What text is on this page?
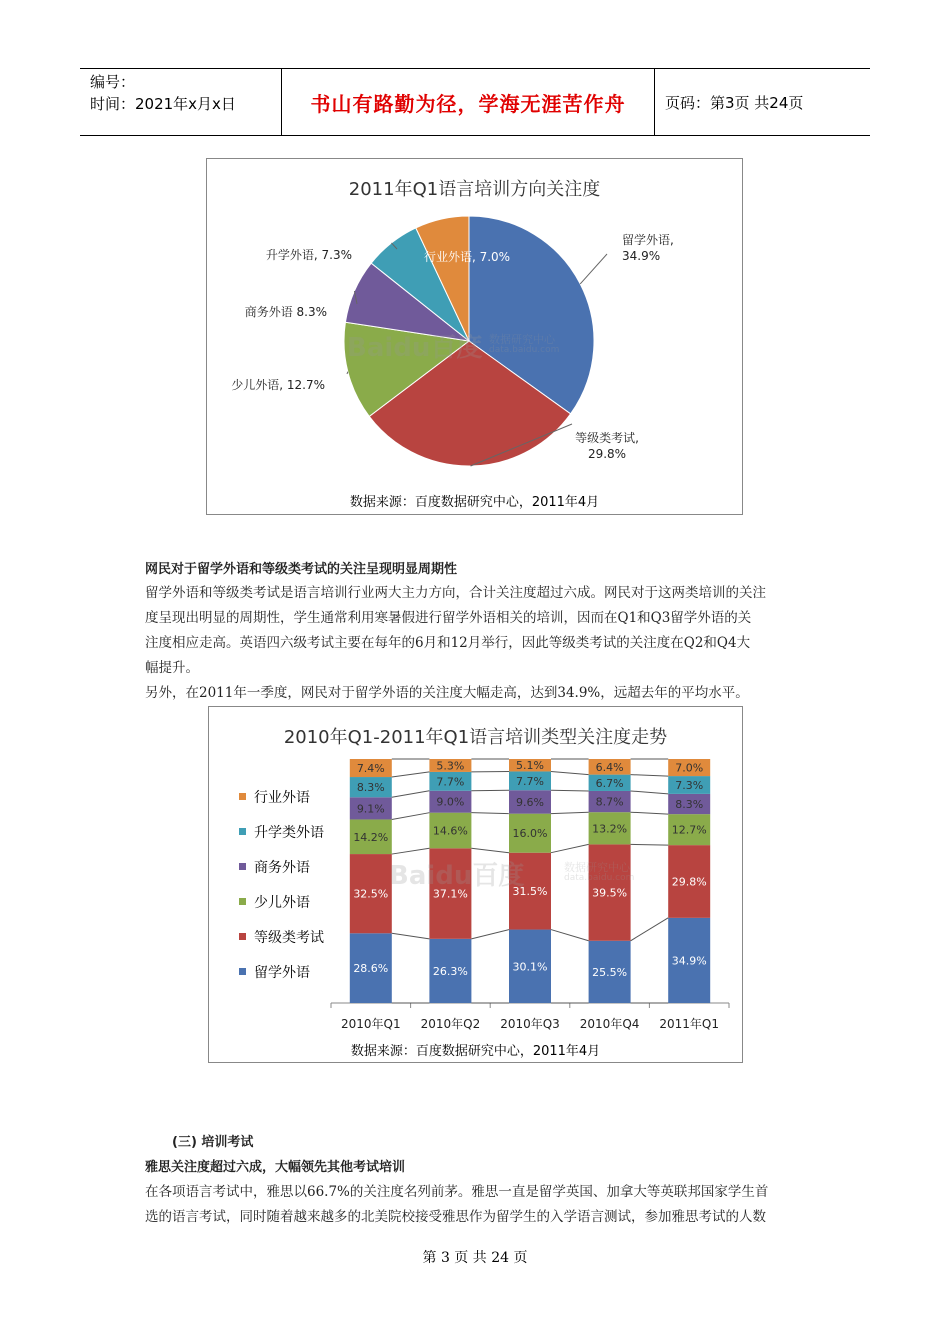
编号：
时间：2021年x月x日	书山有路勤为径，学海无涯苦作舟	页码：第3页 共24页
2011年Q1语言培训方向关注度
留学外语, 34.9%
等级类考试, 29.8%
少儿外语, 12.7%
商务外语 8.3%
升学外语, 7.3%	行业外语, 7.0%
Baidu百度 数据研究中心
data.baidu.com
数据来源：百度数据研究中心，2011年4月
网民对于留学外语和等级类考试的关注呈现明显周期性
留学外语和等级类考试是语言培训行业两大主力方向，合计关注度超过六成。网民对于这两类培训的关注
度呈现出明显的周期性，学生通常利用寒暑假进行留学外语相关的培训，因而在Q1和Q3留学外语的关
注度相应走高。英语四六级考试主要在每年的6月和12月举行，因此等级类考试的关注度在Q2和Q4大
幅提升。
另外，在2011年一季度，网民对于留学外语的关注度大幅走高，达到34.9%，远超去年的平均水平。
2010年Q1-2011年Q1语言培训类型关注度走势
行业外语
升学类外语
商务外语
少儿外语
等级类考试
留学外语	28.6%
32.5%
14.2%
9.1%
8.3%
7.4%
2010年Q1
26.3%
37.1%
14.6%
9.0%
7.7%
5.3%
2010年Q2
30.1%
31.5%
16.0%
9.6%
7.7%
5.1%
2010年Q3
25.5%
39.5%
13.2%
8.7%
6.7%
6.4%
2010年Q4
34.9%
29.8%
12.7%
8.3%
7.3%
7.0%
2011年Q1
Baidu百度	数据研究中心
data.baidu.com
数据来源：百度数据研究中心，2011年4月
(三) 培训考试
雅思关注度超过六成，大幅领先其他考试培训
在各项语言考试中，雅思以66.7%的关注度名列前茅。雅思一直是留学英国、加拿大等英联邦国家学生首
选的语言考试，同时随着越来越多的北美院校接受雅思作为留学生的入学语言测试，参加雅思考试的人数
第 3 页 共 24 页
